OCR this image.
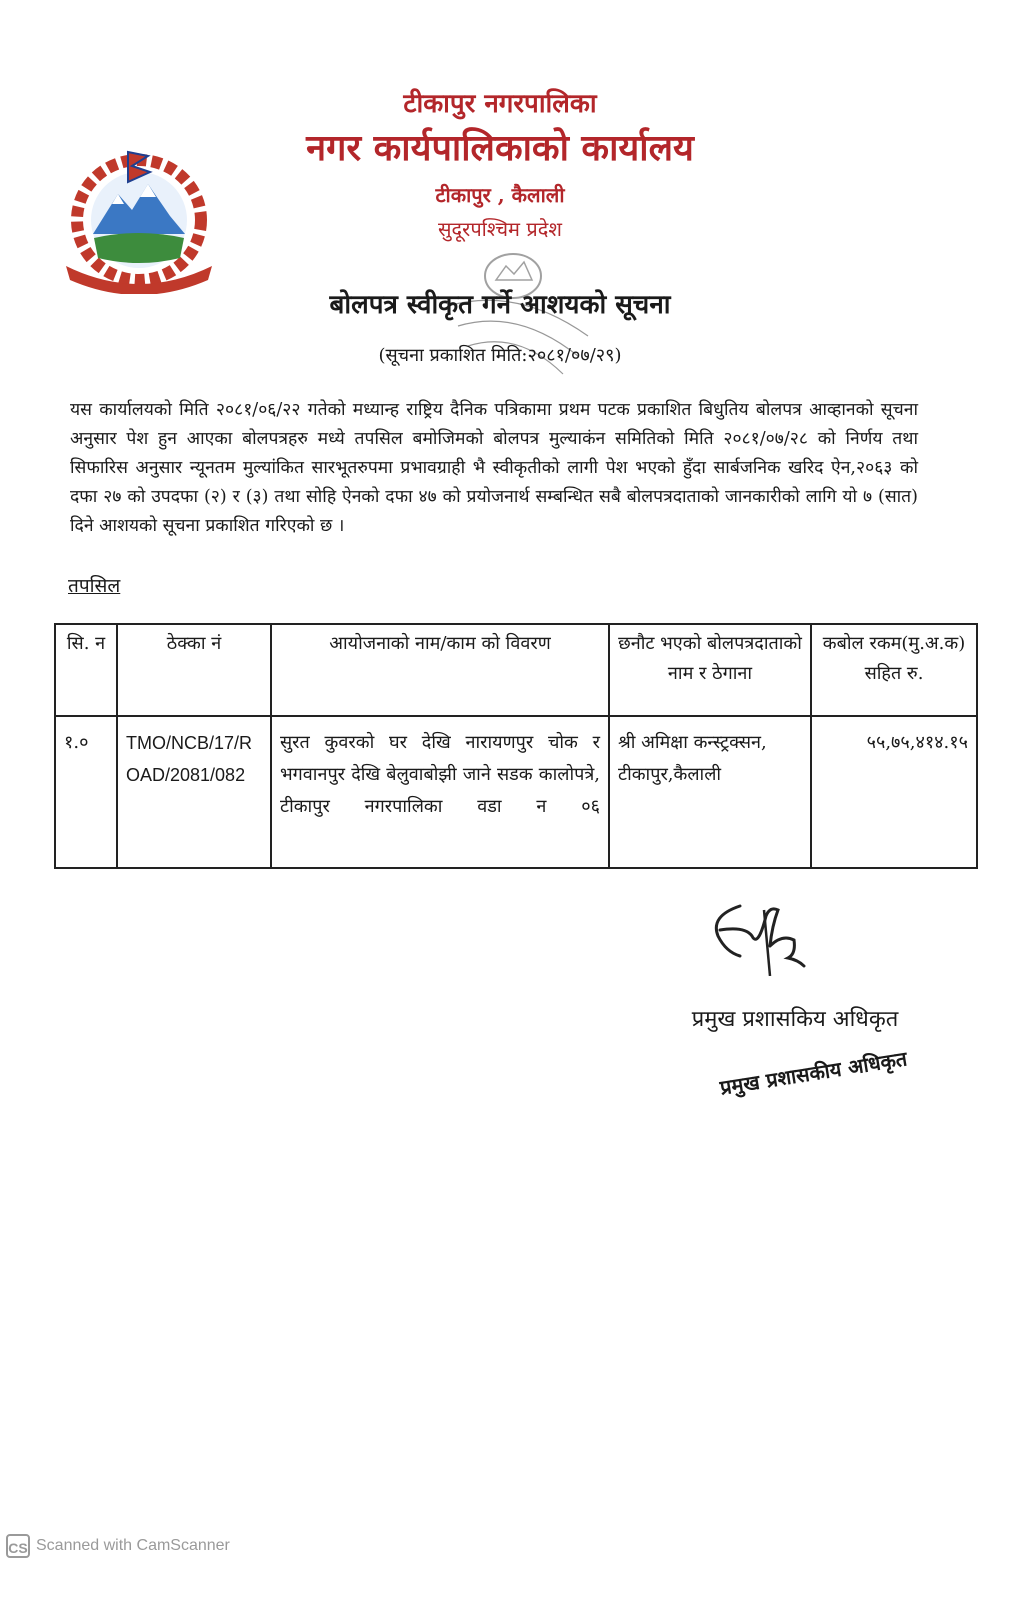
टीकापुर नगरपालिका
नगर कार्यपालिकाको कार्यालय
टीकापुर , कैलाली
सुदूरपश्चिम प्रदेश
बोलपत्र स्वीकृत गर्ने आशयको सूचना
(सूचना प्रकाशित मिति:२०८१/०७/२९)
यस कार्यालयको मिति २०८१/०६/२२ गतेको मध्यान्ह राष्ट्रिय दैनिक पत्रिकामा प्रथम पटक प्रकाशित बिधुतिय बोलपत्र आव्हानको सूचना अनुसार पेश हुन आएका बोलपत्रहरु मध्ये तपसिल बमोजिमको बोलपत्र मुल्याकंन समितिको मिति २०८१/०७/२८ को निर्णय तथा सिफारिस अनुसार न्यूनतम मुल्यांकित सारभूतरुपमा प्रभावग्राही भै स्वीकृतीको लागी पेश भएको हुँदा सार्बजनिक खरिद ऐन,२०६३ को दफा २७ को उपदफा (२) र (३) तथा सोहि ऐनको दफा ४७ को प्रयोजनार्थ सम्बन्धित सबै बोलपत्रदाताको जानकारीको लागि यो ७ (सात) दिने आशयको सूचना प्रकाशित गरिएको छ ।
तपसिल
सि. न	ठेक्का नं	आयोजनाको नाम/काम को विवरण	छनौट भएको बोलपत्रदाताको नाम र ठेगाना	कबोल रकम(मु.अ.क) सहित रु.
१.०	TMO/NCB/17/ROAD/2081/082	सुरत कुवरको घर देखि नारायणपुर चोक र भगवानपुर देखि बेलुवाबोझी जाने सडक कालोपत्रे, टीकापुर नगरपालिका वडा न ०६	श्री अमिक्षा कन्स्ट्रक्सन, टीकापुर,कैलाली	५५,७५,४१४.१५
प्रमुख प्रशासकिय अधिकृत
प्रमुख प्रशासकीय अधिकृत
CS Scanned with CamScanner
